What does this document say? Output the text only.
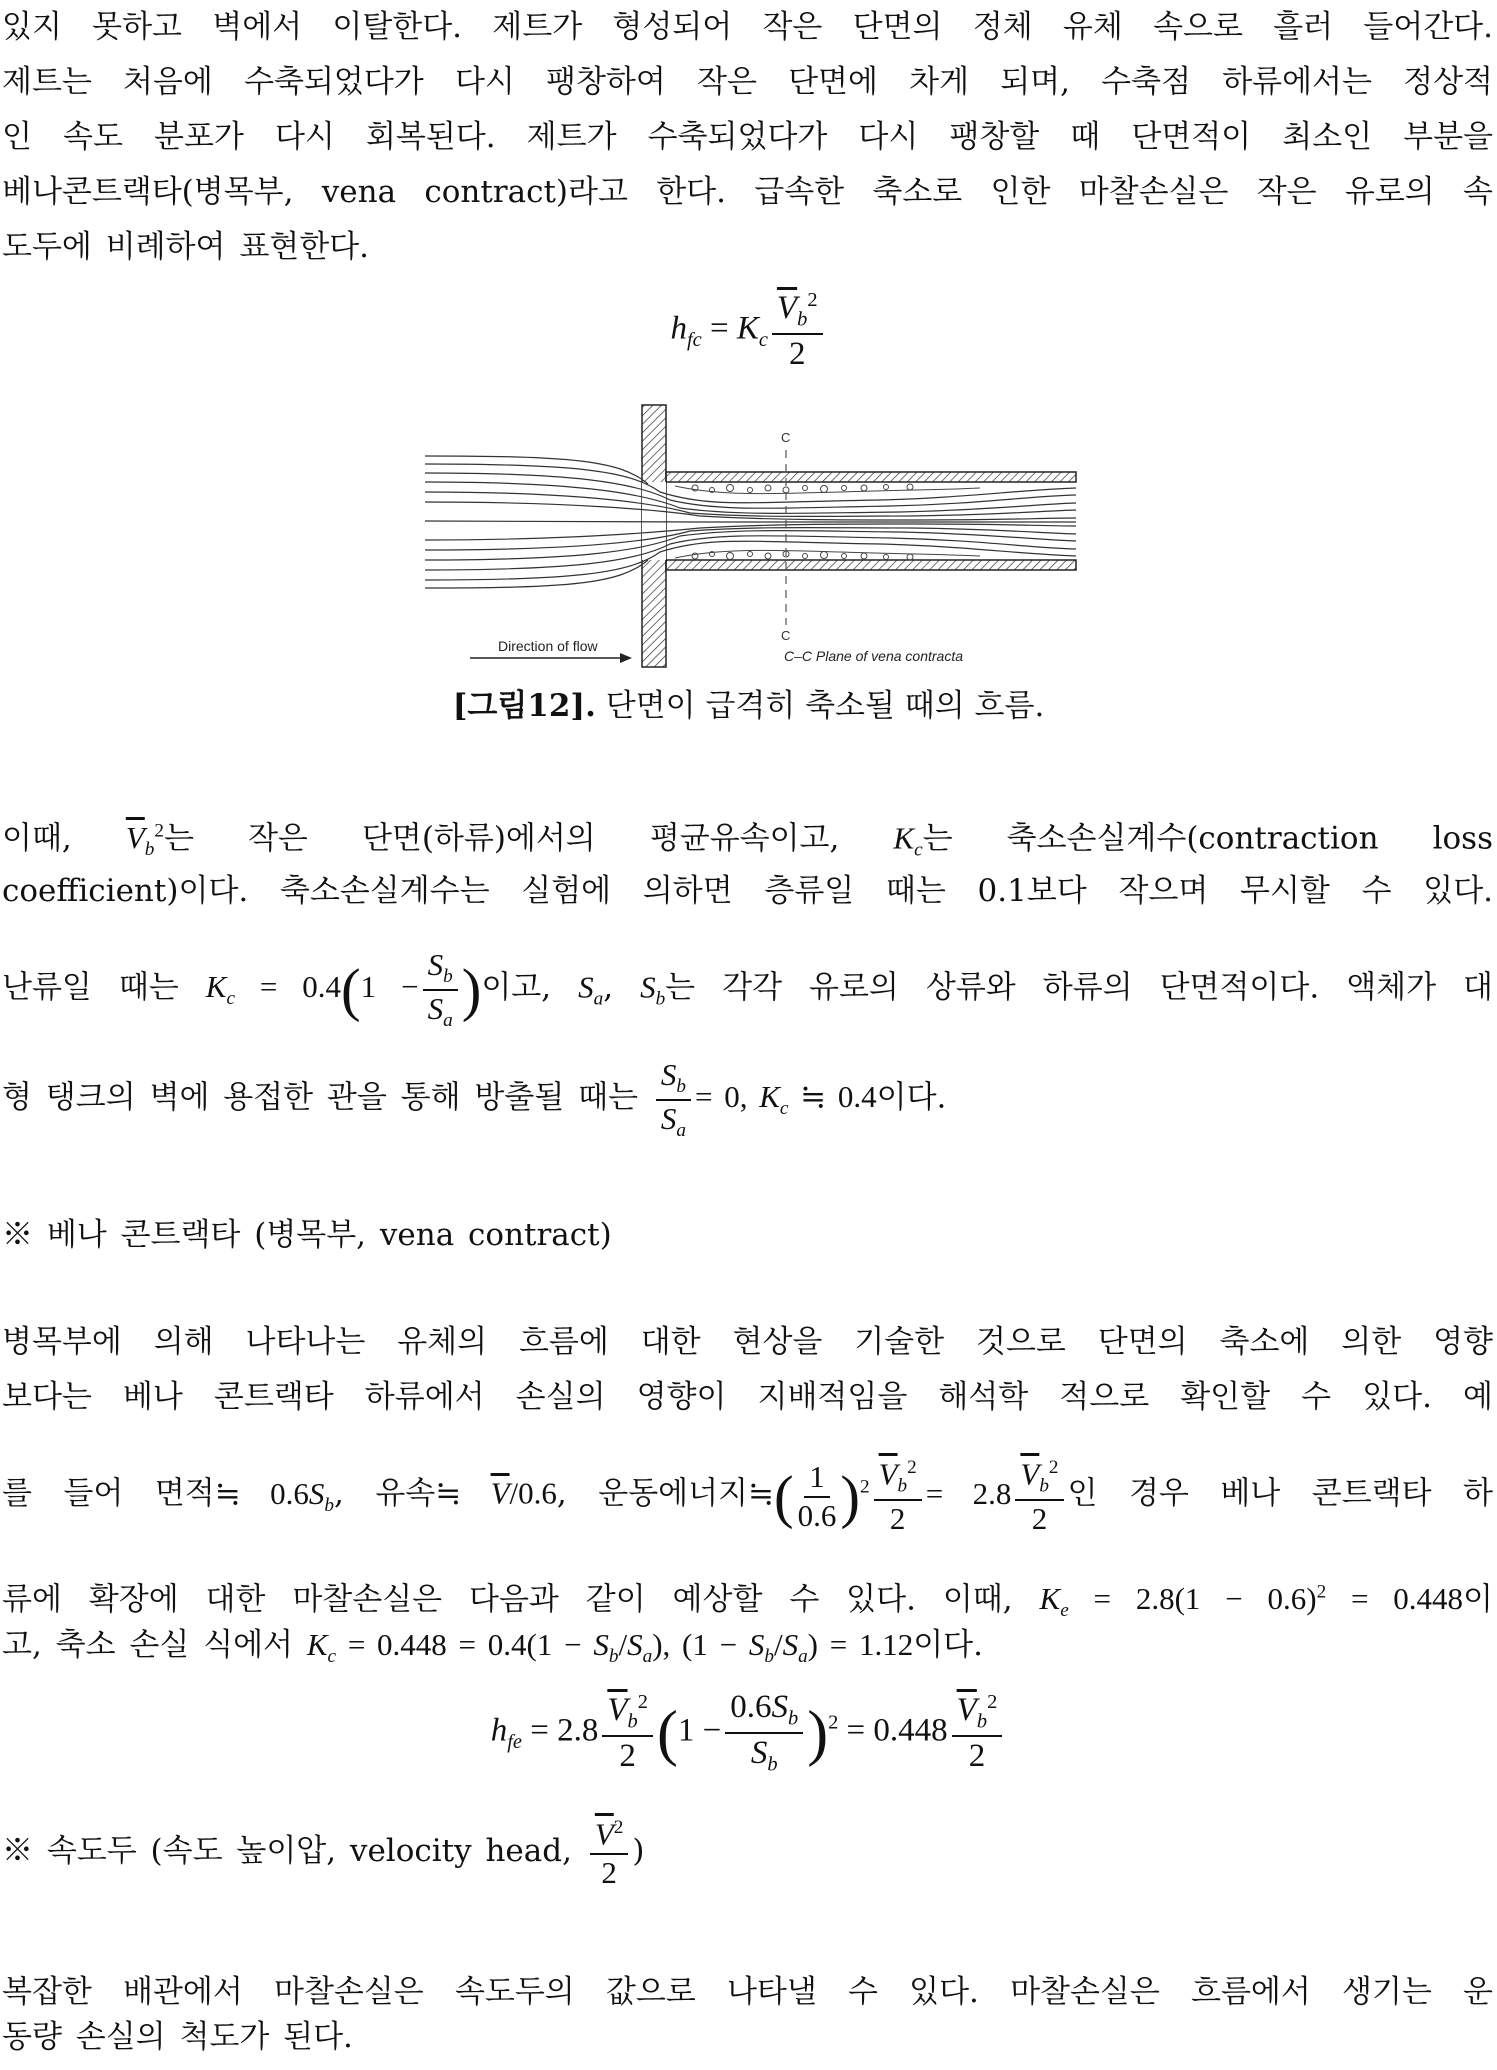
있지 못하고 벽에서 이탈한다. 제트가 형성되어 작은 단면의 정체 유체 속으로 흘러 들어간다.
제트는 처음에 수축되었다가 다시 팽창하여 작은 단면에 차게 되며, 수축점 하류에서는 정상적
인 속도 분포가 다시 회복된다. 제트가 수축되었다가 다시 팽창할 때 단면적이 최소인 부분을
베나콘트랙타(병목부, vena contract)라고 한다. 급속한 축소로 인한 마찰손실은 작은 유로의 속
도두에 비례하여 표현한다.
$h_{fc} = K_c \frac{\overline{V}_b^2}{2}$
C
C
Direction of flow
C–C Plane of vena contracta
[그림12]. 단면이 급격히 축소될 때의 흐름.
이때, $\overline{V}_b^2$는 작은 단면(하류)에서의 평균유속이고, $K_c$는 축소손실계수(contraction loss
coefficient)이다. 축소손실계수는 실험에 의하면 층류일 때는 0.1보다 작으며 무시할 수 있다.
난류일 때는 $K_c = 0.4(1 - \frac{S_b}{S_a}$ )이고, $S_a$, $S_b$는 각각 유로의 상류와 하류의 단면적이다. 액체가 대
형 탱크의 벽에 용접한 관을 통해 방출될 때는 $\frac{S_b}{S_a} = 0$, $K_c$ ≒ 0.4이다.
※ 베나 콘트랙타 (병목부, vena contract)
병목부에 의해 나타나는 유체의 흐름에 대한 현상을 기술한 것으로 단면의 축소에 의한 영향
보다는 베나 콘트랙타 하류에서 손실의 영향이 지배적임을 해석학 적으로 확인할 수 있다. 예
를 들어 면적≒ $0.6S_b$, 유속≒ $\overline{V}/0.6$, 운동에너지≒( $\frac{1}{0.6} )^2 \frac{\overline{V}_b^2}{2} = 2.8 \frac{\overline{V}_b^2}{2}$ 인 경우 베나 콘트랙타 하
류에 확장에 대한 마찰손실은 다음과 같이 예상할 수 있다. 이때, $K_e = 2.8(1 - 0.6)^2 = 0.448$이
고, 축소 손실 식에서 $K_c = 0.448 = 0.4(1 - S_b/S_a)$, $(1 - S_b/S_a) = 1.12$이다.
$h_{fe} = 2.8 \frac{\overline{V}_b^2}{2} (1 - \frac{0.6S_b}{S_b} )^2 = 0.448 \frac{\overline{V}_b^2}{2}$
※ 속도두 (속도 높이압, velocity head, $\frac{\overline{V}^2}{2}$ )
복잡한 배관에서 마찰손실은 속도두의 값으로 나타낼 수 있다. 마찰손실은 흐름에서 생기는 운
동량 손실의 척도가 된다.
